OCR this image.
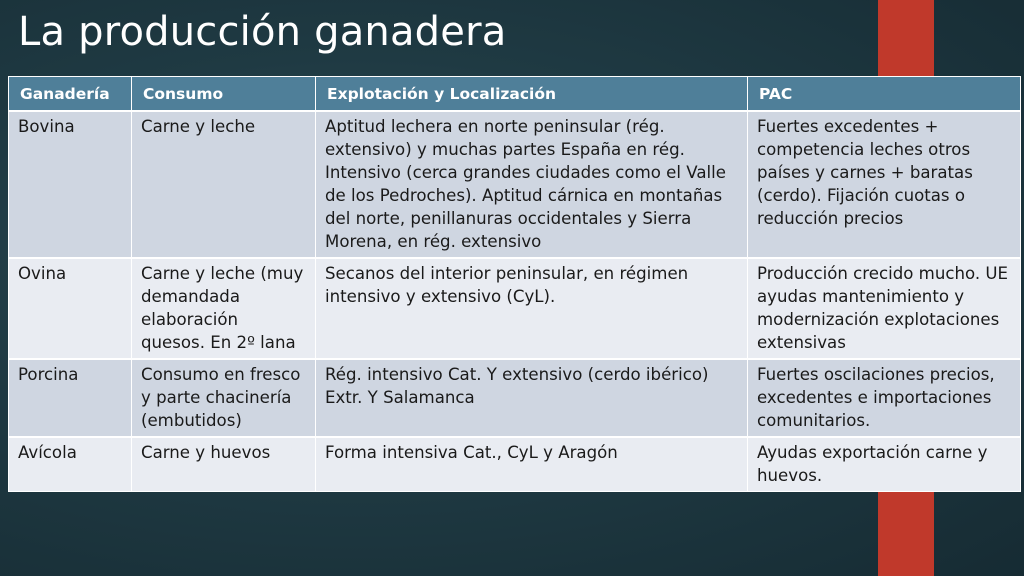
La producción ganadera
Ganadería	Consumo	Explotación y Localización	PAC
Bovina	Carne y leche	Aptitud lechera en norte peninsular (rég. extensivo) y muchas partes España en rég. Intensivo (cerca grandes ciudades como el Valle de los Pedroches). Aptitud cárnica en montañas del norte, penillanuras occidentales y Sierra Morena, en rég. extensivo	Fuertes excedentes + competencia leches otros países y carnes + baratas (cerdo). Fijación cuotas o reducción precios
Ovina	Carne y leche (muy demandada elaboración quesos. En 2º lana	Secanos del interior peninsular, en régimen intensivo y extensivo (CyL).	Producción crecido mucho. UE ayudas mantenimiento y modernización explotaciones extensivas
Porcina	Consumo en fresco y parte chacinería (embutidos)	Rég. intensivo Cat. Y extensivo (cerdo ibérico) Extr. Y Salamanca	Fuertes oscilaciones precios, excedentes e importaciones comunitarios.
Avícola	Carne y huevos	Forma intensiva Cat., CyL y Aragón	Ayudas exportación carne y huevos.
